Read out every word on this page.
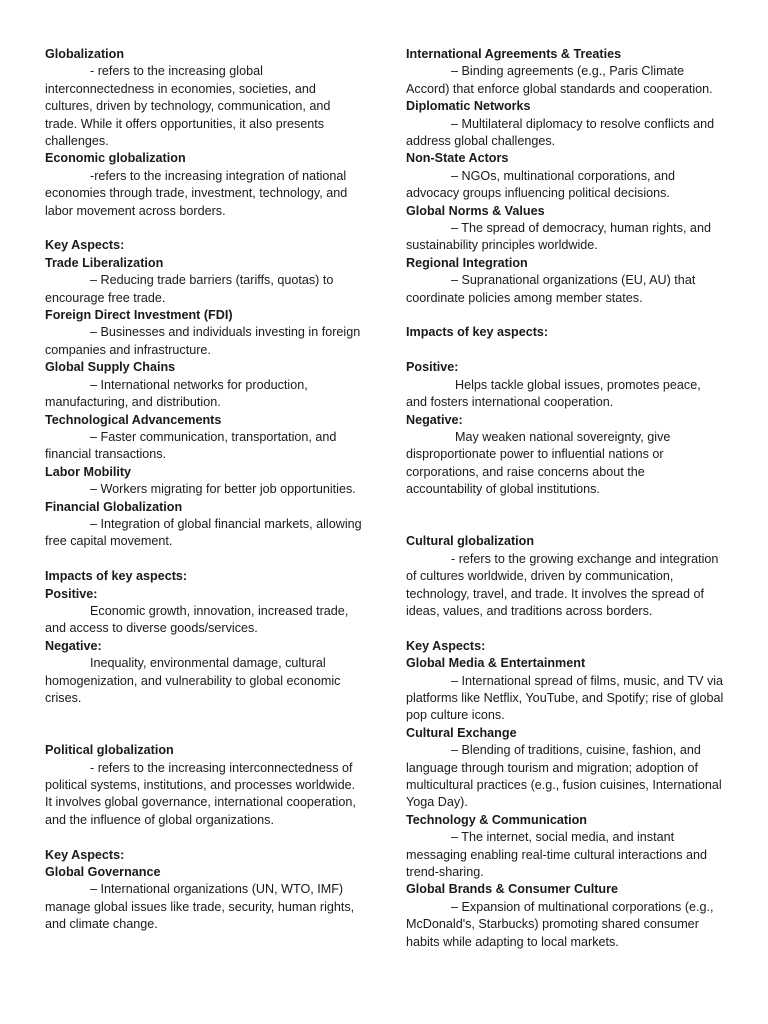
Globalization
- refers to the increasing global interconnectedness in economies, societies, and cultures, driven by technology, communication, and trade. While it offers opportunities, it also presents challenges.
Economic globalization
-refers to the increasing integration of national economies through trade, investment, technology, and labor movement across borders.
Key Aspects:
Trade Liberalization
– Reducing trade barriers (tariffs, quotas) to encourage free trade.
Foreign Direct Investment (FDI)
– Businesses and individuals investing in foreign companies and infrastructure.
Global Supply Chains
– International networks for production, manufacturing, and distribution.
Technological Advancements
– Faster communication, transportation, and financial transactions.
Labor Mobility
– Workers migrating for better job opportunities.
Financial Globalization
– Integration of global financial markets, allowing free capital movement.
Impacts of key aspects:
Positive:
Economic growth, innovation, increased trade, and access to diverse goods/services.
Negative:
Inequality, environmental damage, cultural homogenization, and vulnerability to global economic crises.
Political globalization
- refers to the increasing interconnectedness of political systems, institutions, and processes worldwide. It involves global governance, international cooperation, and the influence of global organizations.
Key Aspects:
Global Governance
– International organizations (UN, WTO, IMF) manage global issues like trade, security, human rights, and climate change.
International Agreements & Treaties
– Binding agreements (e.g., Paris Climate Accord) that enforce global standards and cooperation.
Diplomatic Networks
– Multilateral diplomacy to resolve conflicts and address global challenges.
Non-State Actors
– NGOs, multinational corporations, and advocacy groups influencing political decisions.
Global Norms & Values
– The spread of democracy, human rights, and sustainability principles worldwide.
Regional Integration
– Supranational organizations (EU, AU) that coordinate policies among member states.
Impacts of key aspects:
Positive:
Helps tackle global issues, promotes peace, and fosters international cooperation.
Negative:
May weaken national sovereignty, give disproportionate power to influential nations or corporations, and raise concerns about the accountability of global institutions.
Cultural globalization
- refers to the growing exchange and integration of cultures worldwide, driven by communication, technology, travel, and trade. It involves the spread of ideas, values, and traditions across borders.
Key Aspects:
Global Media & Entertainment
– International spread of films, music, and TV via platforms like Netflix, YouTube, and Spotify; rise of global pop culture icons.
Cultural Exchange
– Blending of traditions, cuisine, fashion, and language through tourism and migration; adoption of multicultural practices (e.g., fusion cuisines, International Yoga Day).
Technology & Communication
– The internet, social media, and instant messaging enabling real-time cultural interactions and trend-sharing.
Global Brands & Consumer Culture
– Expansion of multinational corporations (e.g., McDonald's, Starbucks) promoting shared consumer habits while adapting to local markets.
